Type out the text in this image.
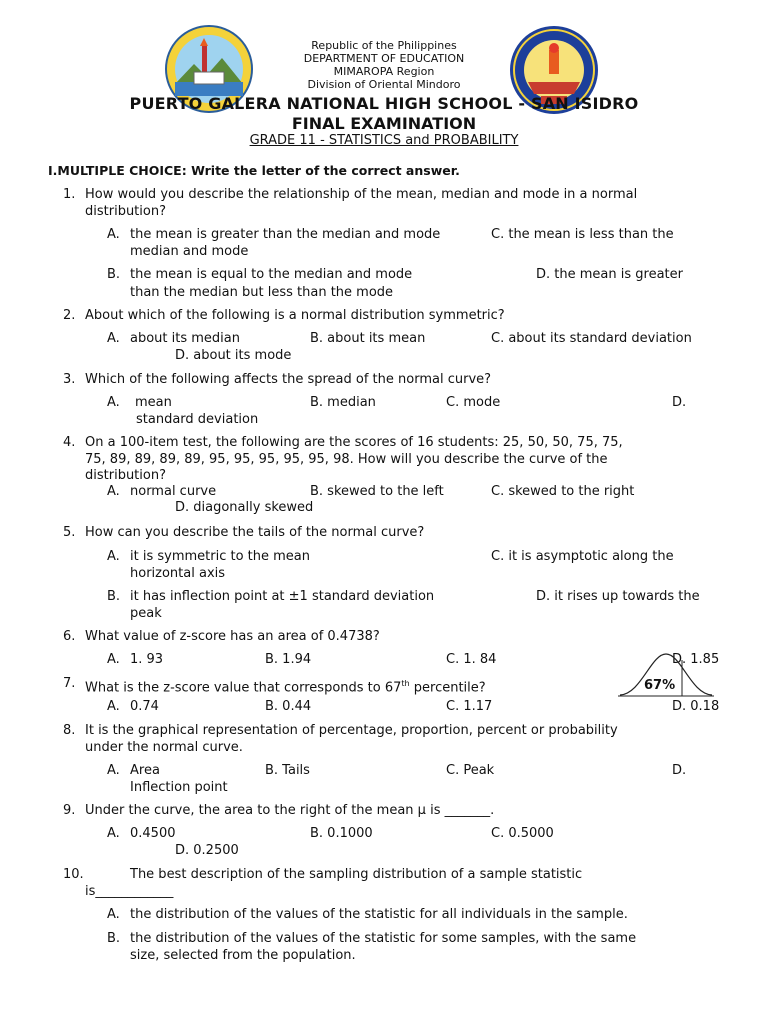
Republic of the Philippines
DEPARTMENT OF EDUCATION
MIMAROPA Region
Division of Oriental Mindoro
PUERTO GALERA NATIONAL HIGH SCHOOL - SAN ISIDRO
FINAL EXAMINATION
GRADE 11 - STATISTICS and PROBABILITY
I.MULTIPLE CHOICE: Write the letter of the correct answer.
1. How would you describe the relationship of the mean, median and mode in a normal
distribution?
A. the mean is greater than the median and mode	C. the mean is less than the
median and mode
B. the mean is equal to the median and mode	D. the mean is greater
than the median but less than the mode
2. About which of the following is a normal distribution symmetric?
A. about its median	B. about its mean	C. about its standard deviation
D. about its mode
3. Which of the following affects the spread of the normal curve?
A. mean	B. median	C. mode	D.
standard deviation
4. On a 100-item test, the following are the scores of 16 students: 25, 50, 50, 75, 75,
75, 89, 89, 89, 89, 95, 95, 95, 95, 95, 98. How will you describe the curve of the
distribution?
A. normal curve	B. skewed to the left	C. skewed to the right
D. diagonally skewed
5. How can you describe the tails of the normal curve?
A. it is symmetric to the mean	C. it is asymptotic along the
horizontal axis
B. it has inflection point at ±1 standard deviation	D. it rises up towards the
peak
6. What value of z-score has an area of 0.4738?
A. 1. 93	B. 1.94	C. 1. 84	D. 1.85
67%
7. What is the z-score value that corresponds to 67th percentile?
A. 0.74	B. 0.44	C. 1.17	D. 0.18
8. It is the graphical representation of percentage, proportion, percent or probability
under the normal curve.
A. Area	B. Tails	C. Peak	D.
Inflection point
9. Under the curve, the area to the right of the mean μ is _______.
A. 0.4500	B. 0.1000	C. 0.5000
D. 0.2500
10.	The best description of the sampling distribution of a sample statistic
is____________
A. the distribution of the values of the statistic for all individuals in the sample.
B. the distribution of the values of the statistic for some samples, with the same
size, selected from the population.
